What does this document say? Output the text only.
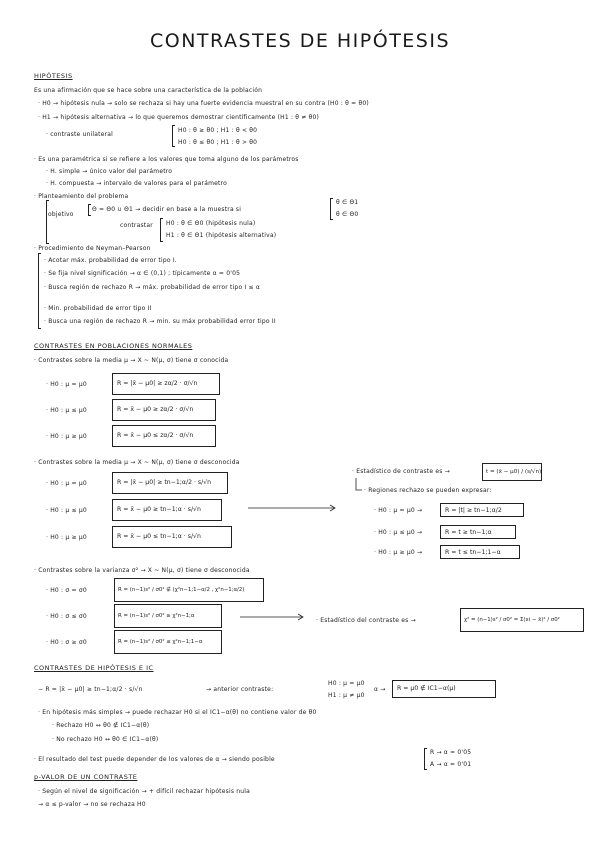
CONTRASTES DE HIPÓTESIS
HIPÓTESIS
Es una afirmación que se hace sobre una característica de la población
· H0 → hipótesis nula → solo se rechaza si hay una fuerte evidencia muestral en su contra (H0 : θ = θ0)
· H1 → hipótesis alternativa → lo que queremos demostrar científicamente (H1 : θ ≠ θ0)
· contraste unilateral
H0 : θ ≥ θ0 ; H1 : θ < θ0
H0 : θ ≤ θ0 ; H1 : θ > θ0
· Es una paramétrica si se refiere a los valores que toma alguno de los parámetros
· H. simple → único valor del parámetro
· H. compuesta → intervalo de valores para el parámetro
· Planteamiento del problema
objetivo
Θ = Θ0 ∪ Θ1 → decidir en base a la muestra si
θ ∈ Θ1
θ ∈ Θ0
contrastar H0 : θ ∈ Θ0 (hipótesis nula)
H1 : θ ∈ Θ1 (hipótesis alternativa)
· Procedimiento de Neyman–Pearson
· Acotar máx. probabilidad de error tipo I.
· Se fija nivel significación → α ∈ (0,1) ; típicamente α = 0'05
· Busca región de rechazo R → máx. probabilidad de error tipo I ≤ α
· Min. probabilidad de error tipo II
· Busca una región de rechazo R → min. su máx probabilidad error tipo II
CONTRASTES EN POBLACIONES NORMALES
· Contrastes sobre la media μ → X ~ N(μ, σ) tiene σ conocida
· H0 : μ = μ0	R = |x̄ − μ0| ≥ zα/2 · σ/√n
· H0 : μ ≤ μ0	R = x̄ − μ0 ≥ zα/2 · σ/√n
· H0 : μ ≥ μ0	R = x̄ − μ0 ≤ zα/2 · σ/√n
· Contrastes sobre la media μ → X ~ N(μ, σ) tiene σ desconocida
· H0 : μ = μ0	R = |x̄ − μ0| ≥ tn−1;α/2 · s/√n
· H0 : μ ≤ μ0	R = x̄ − μ0 ≥ tn−1;α · s/√n
· H0 : μ ≥ μ0	R = x̄ − μ0 ≤ tn−1;α · s/√n
· Estadístico de contraste es →	t = (x̄ − μ0) / (s/√n)
· Regiones rechazo se pueden expresar:
· H0 : μ = μ0 →	R = |t| ≥ tn−1;α/2
· H0 : μ ≤ μ0 →	R = t ≥ tn−1;α
· H0 : μ ≥ μ0 →	R = t ≤ tn−1;1−α
· Contrastes sobre la varianza σ² → X ~ N(μ, σ) tiene σ desconocida
· H0 : σ = σ0	R = (n−1)s² / σ0² ∉ (χ²n−1;1−α/2 , χ²n−1;α/2)
· H0 : σ ≤ σ0	R = (n−1)s² / σ0² ≥ χ²n−1;α
· H0 : σ ≥ σ0	R = (n−1)s² / σ0² ≤ χ²n−1;1−α
· Estadístico del contraste es →	χ² = (n−1)s² / σ0² = Σ(xi − x̄)² / σ0²
CONTRASTES DE HIPÓTESIS E IC
− R = |x̄ − μ0| ≥ tn−1;α/2 · s/√n	→ anterior contraste:
H0 : μ = μ0
H1 : μ ≠ μ0
α → R = μ0 ∉ IC1−α(μ)
· En hipótesis más simples → puede rechazar H0 si el IC1−α(θ) no contiene valor de θ0
· Rechazo H0 ↔ θ0 ∉ IC1−α(θ)
· No rechazo H0 ↔ θ0 ∈ IC1−α(θ)
· El resultado del test puede depender de los valores de α → siendo posible
R → α = 0'05
A → α = 0'01
p-VALOR DE UN CONTRASTE
· Según el nivel de significación → + difícil rechazar hipótesis nula
→ α ≤ p-valor → no se rechaza H0
